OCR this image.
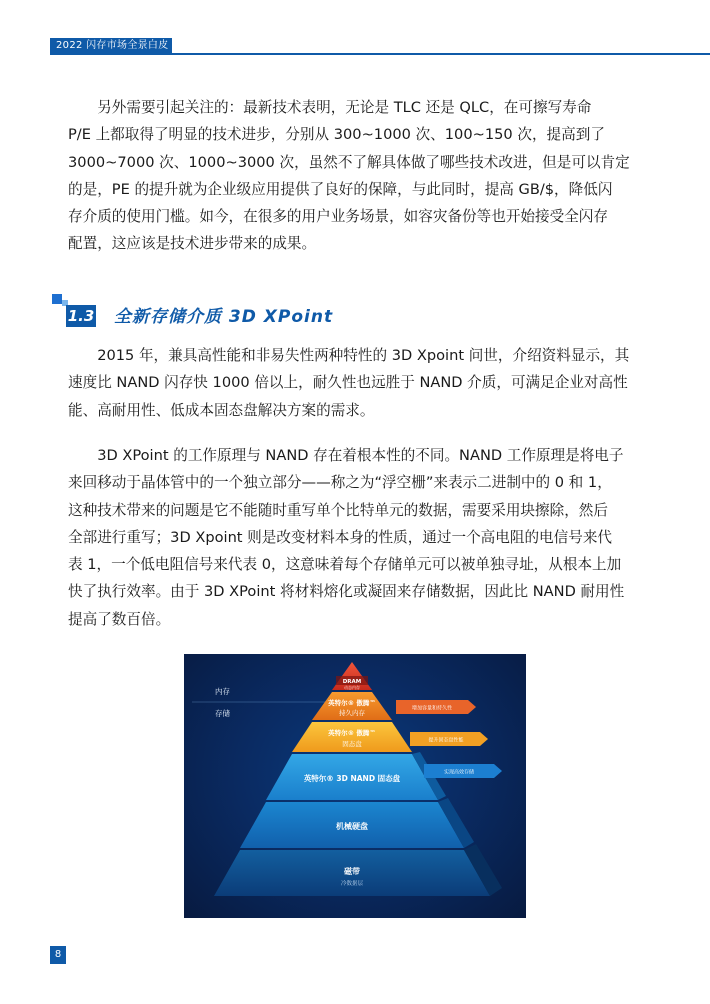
2022 闪存市场全景白皮书

另外需要引起关注的：最新技术表明，无论是 TLC 还是 QLC，在可擦写寿命
P/E 上都取得了明显的技术进步，分别从 300~1000 次、100~150 次，提高到了
3000~7000 次、1000~3000 次，虽然不了解具体做了哪些技术改进，但是可以肯定
的是，PE 的提升就为企业级应用提供了良好的保障，与此同时，提高 GB/$，降低闪
存介质的使用门槛。如今，在很多的用户业务场景，如容灾备份等也开始接受全闪存
配置，这应该是技术进步带来的成果。

1.3 全新存储介质 3D XPoint

2015 年，兼具高性能和非易失性两种特性的 3D Xpoint 问世，介绍资料显示，其
速度比 NAND 闪存快 1000 倍以上，耐久性也远胜于 NAND 介质，可满足企业对高性
能、高耐用性、低成本固态盘解决方案的需求。

3D XPoint 的工作原理与 NAND 存在着根本性的不同。NAND 工作原理是将电子
来回移动于晶体管中的一个独立部分——称之为“浮空栅”来表示二进制中的 0 和 1，
这种技术带来的问题是它不能随时重写单个比特单元的数据，需要采用块擦除，然后
全部进行重写；3D Xpoint 则是改变材料本身的性质，通过一个高电阻的电信号来代
表 1，一个低电阻信号来代表 0，这意味着每个存储单元可以被单独寻址，从根本上加
快了执行效率。由于 3D XPoint 将材料熔化或凝固来存储数据，因此比 NAND 耐用性
提高了数百倍。

内存
存储
DRAM
动态内存
英特尔® 傲腾™
持久内存
英特尔® 傲腾™
固态盘
英特尔® 3D NAND 固态盘
机械硬盘
磁带
冷数据层
增加容量和持久性
提升固态盘性能
实现高效存储
8
